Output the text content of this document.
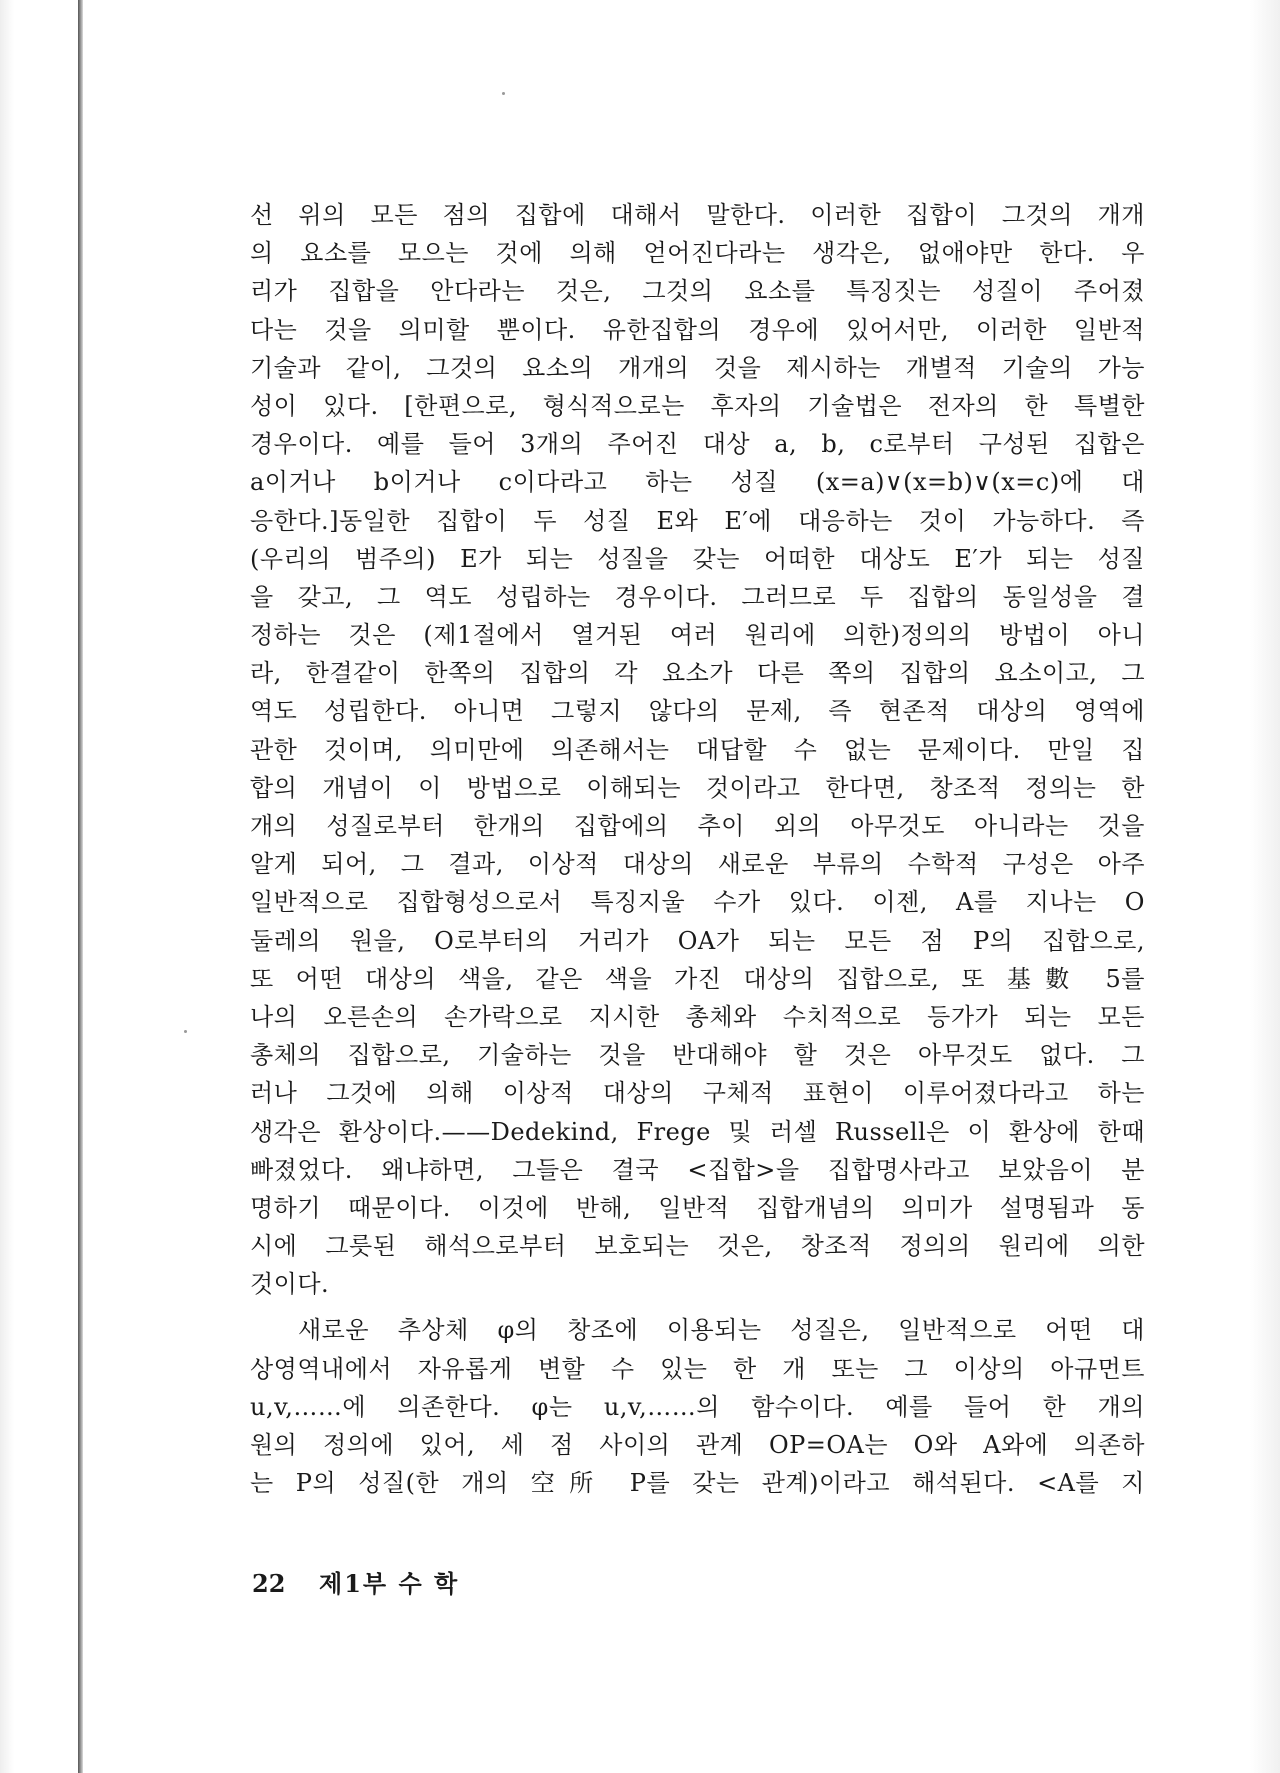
선 위의 모든 점의 집합에 대해서 말한다. 이러한 집합이 그것의 개개
의 요소를 모으는 것에 의해 얻어진다라는 생각은, 없애야만 한다. 우
리가 집합을 안다라는 것은, 그것의 요소를 특징짓는 성질이 주어졌
다는 것을 의미할 뿐이다. 유한집합의 경우에 있어서만, 이러한 일반적
기술과 같이, 그것의 요소의 개개의 것을 제시하는 개별적 기술의 가능
성이 있다. [한편으로, 형식적으로는 후자의 기술법은 전자의 한 특별한
경우이다. 예를 들어 3개의 주어진 대상 a, b, c로부터 구성된 집합은
a이거나 b이거나 c이다라고 하는 성질 (x=a)∨(x=b)∨(x=c)에 대
응한다.]동일한 집합이 두 성질 E와 E′에 대응하는 것이 가능하다. 즉
(우리의 범주의) E가 되는 성질을 갖는 어떠한 대상도 E′가 되는 성질
을 갖고, 그 역도 성립하는 경우이다. 그러므로 두 집합의 동일성을 결
정하는 것은 (제1절에서 열거된 여러 원리에 의한)정의의 방법이 아니
라, 한결같이 한쪽의 집합의 각 요소가 다른 쪽의 집합의 요소이고, 그
역도 성립한다. 아니면 그렇지 않다의 문제, 즉 현존적 대상의 영역에
관한 것이며, 의미만에 의존해서는 대답할 수 없는 문제이다. 만일 집
합의 개념이 이 방법으로 이해되는 것이라고 한다면, 창조적 정의는 한
개의 성질로부터 한개의 집합에의 추이 외의 아무것도 아니라는 것을
알게 되어, 그 결과, 이상적 대상의 새로운 부류의 수학적 구성은 아주
일반적으로 집합형성으로서 특징지울 수가 있다. 이젠, A를 지나는 O
둘레의 원을, O로부터의 거리가 OA가 되는 모든 점 P의 집합으로,
또 어떤 대상의 색을, 같은 색을 가진 대상의 집합으로, 또 基數 5를
나의 오른손의 손가락으로 지시한 총체와 수치적으로 등가가 되는 모든
총체의 집합으로, 기술하는 것을 반대해야 할 것은 아무것도 없다. 그
러나 그것에 의해 이상적 대상의 구체적 표현이 이루어졌다라고 하는
생각은 환상이다.——Dedekind, Frege 및 러셀 Russell은 이 환상에 한때
빠졌었다. 왜냐하면, 그들은 결국 <집합>을 집합명사라고 보았음이 분
명하기 때문이다. 이것에 반해, 일반적 집합개념의 의미가 설명됨과 동
시에 그릇된 해석으로부터 보호되는 것은, 창조적 정의의 원리에 의한
것이다.
새로운 추상체 φ의 창조에 이용되는 성질은, 일반적으로 어떤 대
상영역내에서 자유롭게 변할 수 있는 한 개 또는 그 이상의 아규먼트
u,v,……에 의존한다. φ는 u,v,……의 함수이다. 예를 들어 한 개의
원의 정의에 있어, 세 점 사이의 관계 OP=OA는 O와 A와에 의존하
는 P의 성질(한 개의 空所 P를 갖는 관계)이라고 해석된다. <A를 지
22 제1부 수 학
